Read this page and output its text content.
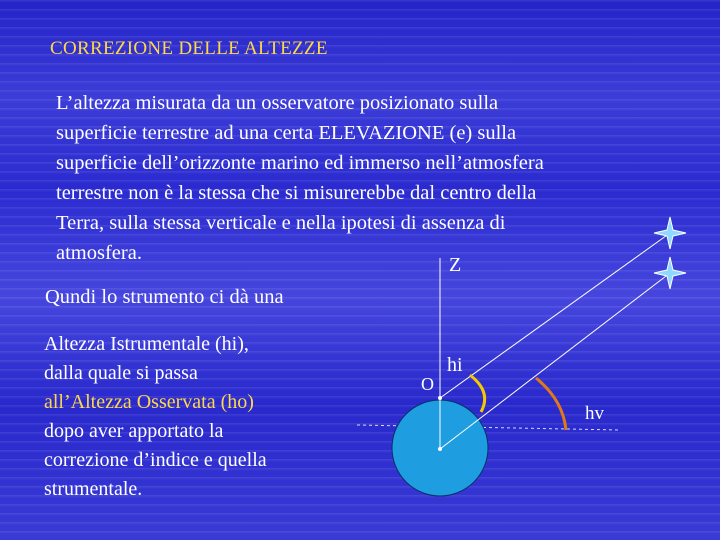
CORREZIONE DELLE ALTEZZE
L’altezza misurata da un osservatore posizionato sulla
superficie terrestre ad una certa ELEVAZIONE (e) sulla
superficie dell’orizzonte marino ed immerso nell’atmosfera
terrestre non è la stessa che si misurerebbe dal centro della
Terra, sulla stessa verticale e nella ipotesi di assenza di
atmosfera.
Qundi lo strumento ci dà una
Altezza Istrumentale (hi),
dalla quale si passa
all’Altezza Osservata (ho)
dopo aver apportato la
correzione d’indice e quella
strumentale.
Z
hi
O
hv
